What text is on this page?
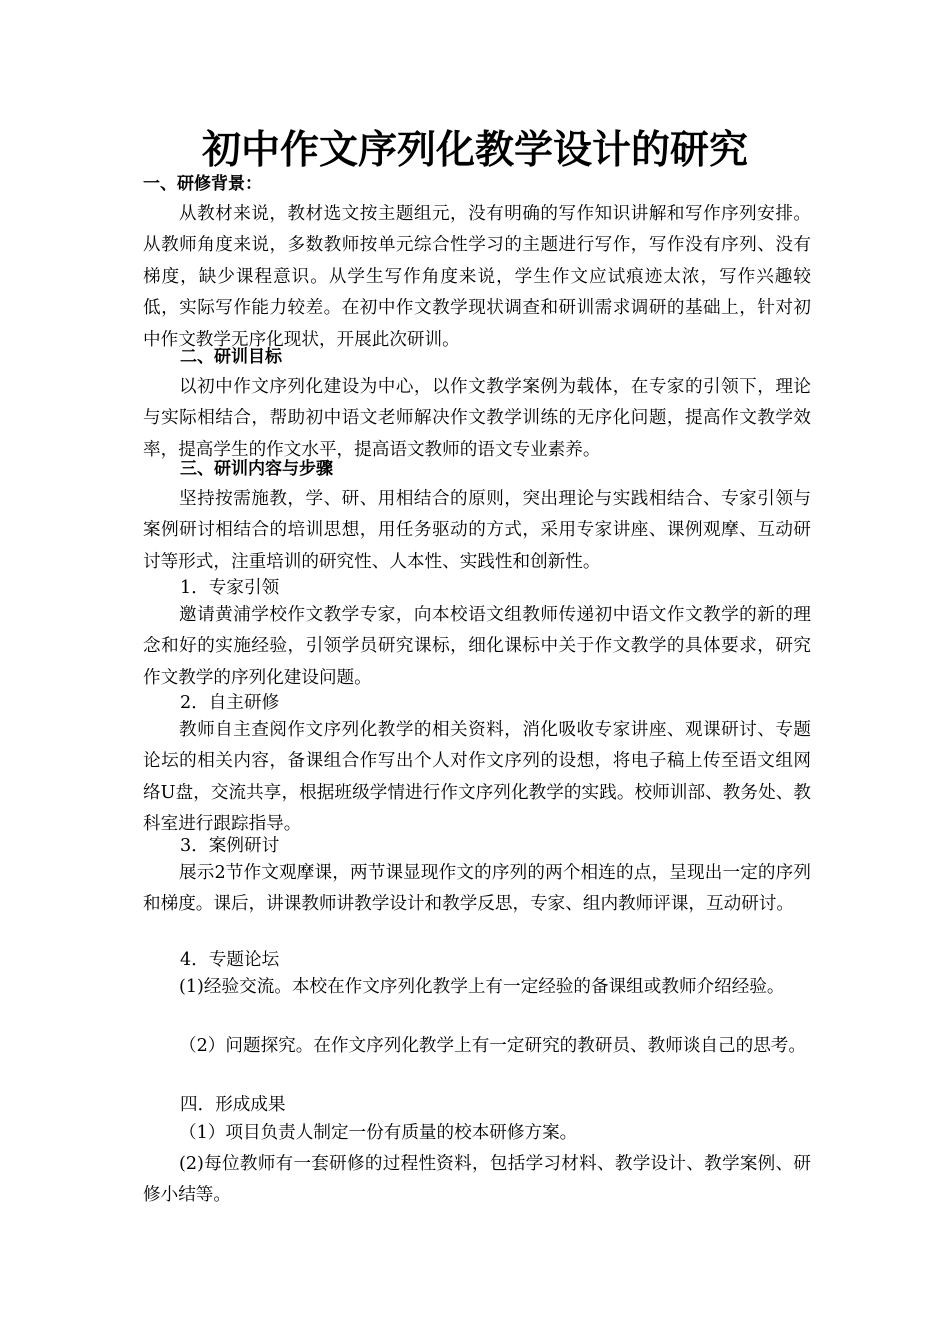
初中作文序列化教学设计的研究
一、研修背景：

从教材来说，教材选文按主题组元，没有明确的写作知识讲解和写作序列安排。从教师角度来说，多数教师按单元综合性学习的主题进行写作，写作没有序列、没有梯度，缺少课程意识。从学生写作角度来说，学生作文应试痕迹太浓，写作兴趣较低，实际写作能力较差。在初中作文教学现状调查和研训需求调研的基础上，针对初中作文教学无序化现状，开展此次研训。

二、研训目标

以初中作文序列化建设为中心，以作文教学案例为载体，在专家的引领下，理论与实际相结合，帮助初中语文老师解决作文教学训练的无序化问题，提高作文教学效率，提高学生的作文水平，提高语文教师的语文专业素养。

三、研训内容与步骤

坚持按需施教，学、研、用相结合的原则，突出理论与实践相结合、专家引领与案例研讨相结合的培训思想，用任务驱动的方式，采用专家讲座、课例观摩、互动研讨等形式，注重培训的研究性、人本性、实践性和创新性。

1．专家引领

邀请黄浦学校作文教学专家，向本校语文组教师传递初中语文作文教学的新的理念和好的实施经验，引领学员研究课标，细化课标中关于作文教学的具体要求，研究作文教学的序列化建设问题。

2．自主研修

教师自主查阅作文序列化教学的相关资料，消化吸收专家讲座、观课研讨、专题论坛的相关内容，备课组合作写出个人对作文序列的设想，将电子稿上传至语文组网络U盘，交流共享，根据班级学情进行作文序列化教学的实践。校师训部、教务处、教科室进行跟踪指导。

3．案例研讨

展示2节作文观摩课，两节课显现作文的序列的两个相连的点，呈现出一定的序列和梯度。课后，讲课教师讲教学设计和教学反思，专家、组内教师评课，互动研讨。

4．专题论坛

(1)经验交流。本校在作文序列化教学上有一定经验的备课组或教师介绍经验。

（2）问题探究。在作文序列化教学上有一定研究的教研员、教师谈自己的思考。

四．形成成果

（1）项目负责人制定一份有质量的校本研修方案。

(2)每位教师有一套研修的过程性资料，包括学习材料、教学设计、教学案例、研修小结等。
